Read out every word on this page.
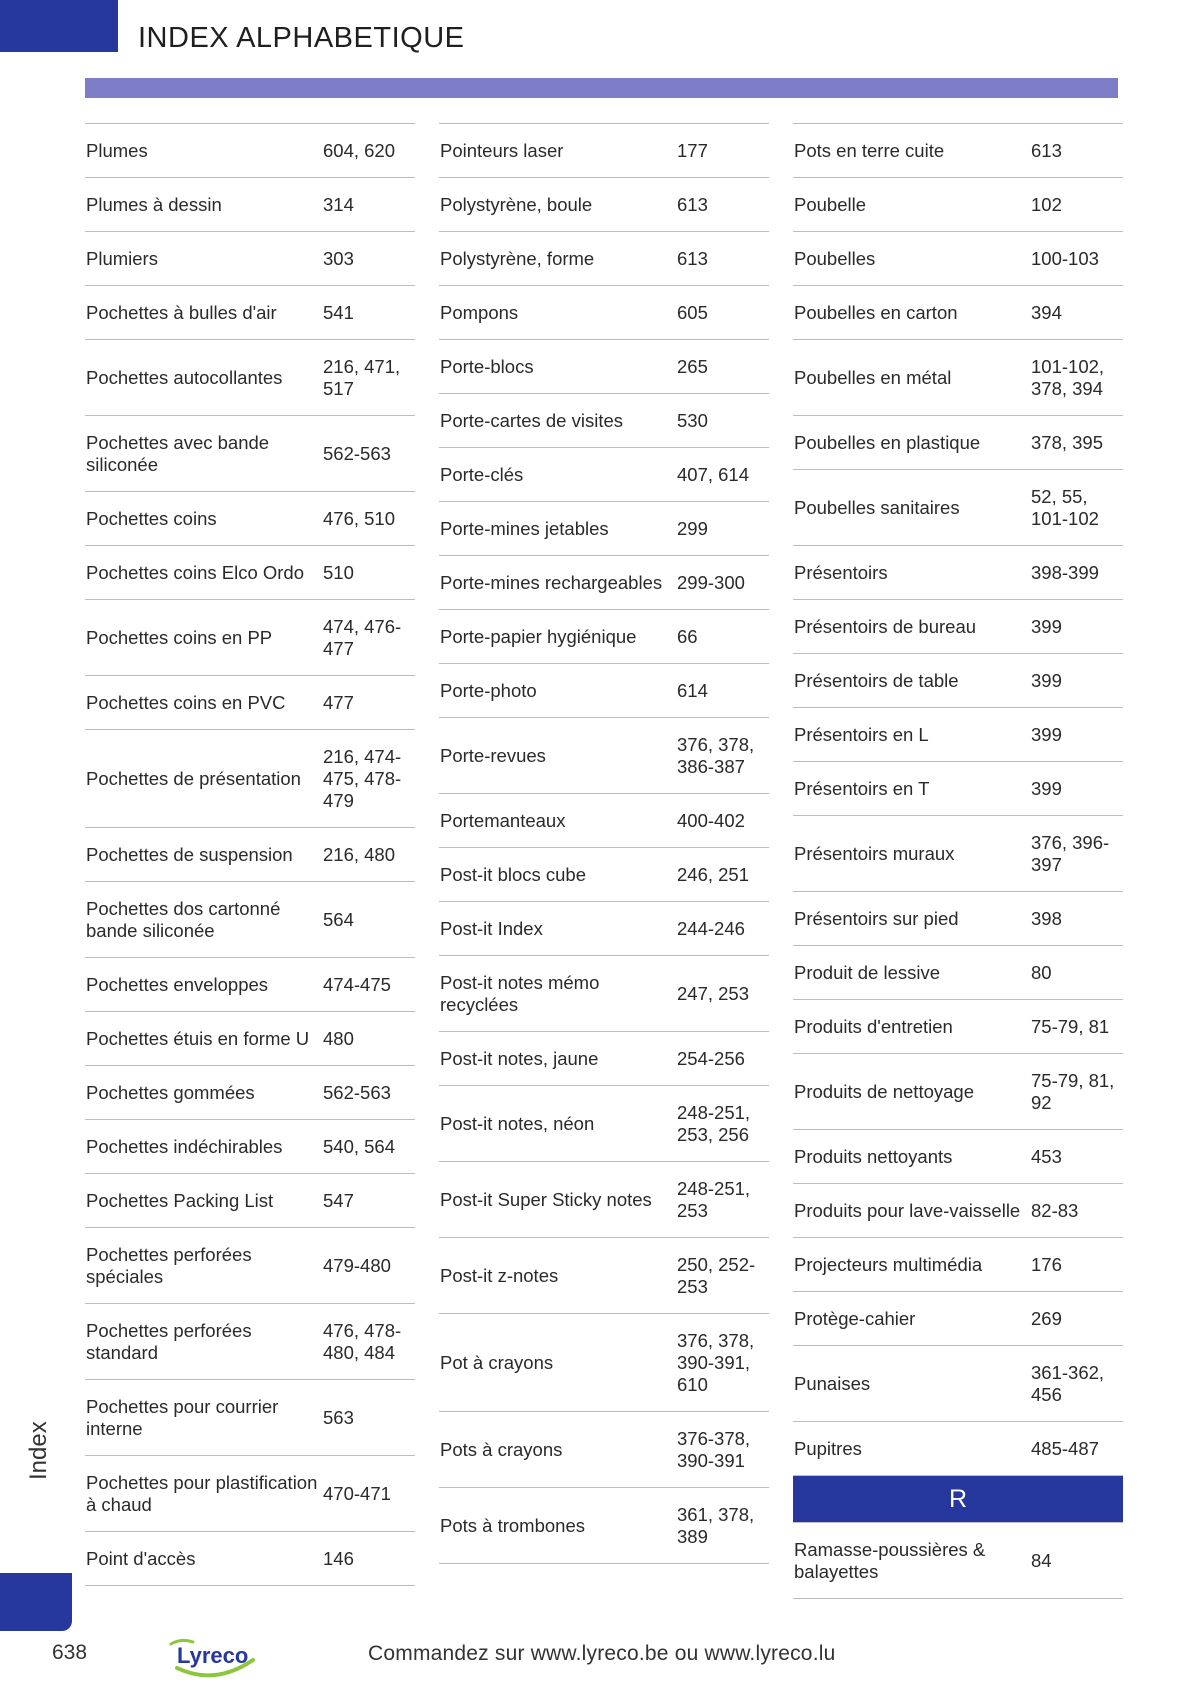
INDEX ALPHABETIQUE
Plumes	604, 620
Plumes à dessin	314
Plumiers	303
Pochettes à bulles d'air	541
Pochettes autocollantes
216, 471, 517
Pochettes avec bande siliconée
562-563
Pochettes coins	476, 510
Pochettes coins Elco Ordo	510
Pochettes coins en PP
474, 476-477
Pochettes coins en PVC	477
Pochettes de présentation
216, 474-475, 478-479
Pochettes de suspension	216, 480
Pochettes dos cartonné bande siliconée
564
Pochettes enveloppes	474-475
Pochettes étuis en forme U 480
Pochettes gommées	562-563
Pochettes indéchirables	540, 564
Pochettes Packing List	547
Pochettes perforées spéciales
479-480
Pochettes perforées standard
476, 478-480, 484
Pochettes pour courrier interne
563
Pochettes pour plastification à chaud
470-471
Point d'accès	146
Pointeurs laser	177
Polystyrène, boule	613
Polystyrène, forme	613
Pompons	605
Porte-blocs	265
Porte-cartes de visites	530
Porte-clés	407, 614
Porte-mines jetables	299
Porte-mines rechargeables 299-300
Porte-papier hygiénique	66
Porte-photo	614
Porte-revues
376, 378, 386-387
Portemanteaux	400-402
Post-it blocs cube	246, 251
Post-it Index	244-246
Post-it notes mémo recyclées
247, 253
Post-it notes, jaune	254-256
Post-it notes, néon
248-251, 253, 256
Post-it Super Sticky notes
248-251, 253
Post-it z-notes
250, 252-253
Pot à crayons
376, 378, 390-391, 610
Pots à crayons
376-378, 390-391
Pots à trombones
361, 378, 389
Pots en terre cuite	613
Poubelle	102
Poubelles	100-103
Poubelles en carton	394
Poubelles en métal
101-102, 378, 394
Poubelles en plastique	378, 395
Poubelles sanitaires
52, 55, 101-102
Présentoirs	398-399
Présentoirs de bureau	399
Présentoirs de table	399
Présentoirs en L	399
Présentoirs en T	399
Présentoirs muraux
376, 396-397
Présentoirs sur pied	398
Produit de lessive	80
Produits d'entretien	75-79, 81
Produits de nettoyage
75-79, 81, 92
Produits nettoyants	453
Produits pour lave-vaisselle 82-83
Projecteurs multimédia	176
Protège-cahier	269
Punaises
361-362, 456
Pupitres	485-487
R
Ramasse-poussières & balayettes
84
Index
638	Lyreco	Commandez sur www.lyreco.be ou www.lyreco.lu
